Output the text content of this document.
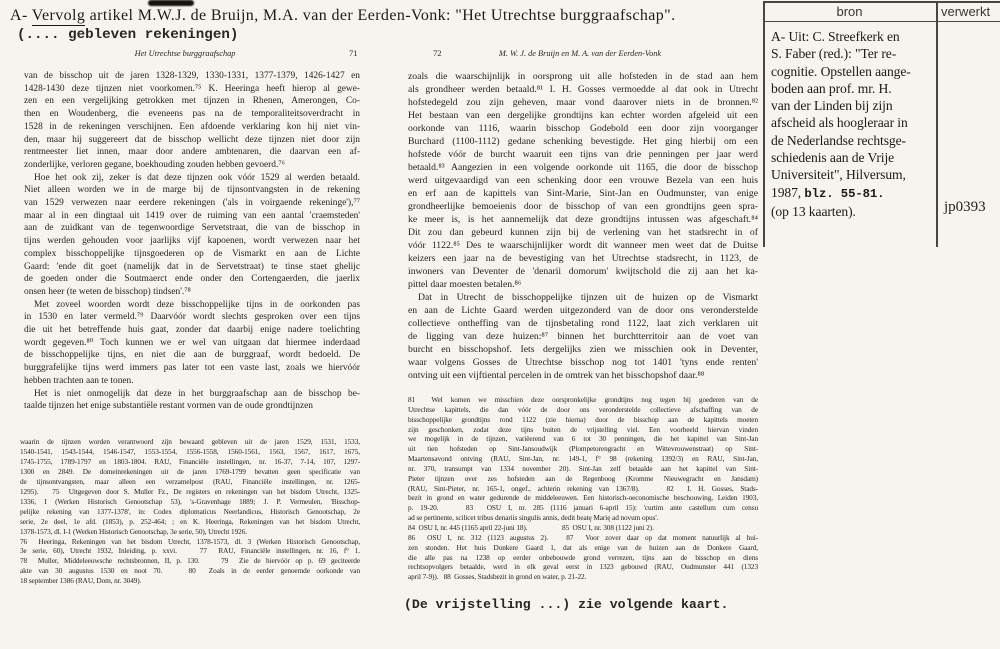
A- Vervolg artikel M.W.J. de Bruijn, M.A. van der Eerden-Vonk: "Het Utrechtse burggraafschap".
(.... gebleven rekeningen)
bron	verwerkt
A- Uit: C. Streefkerk en
S. Faber (red.): "Ter re-
cognitie. Opstellen aange-
boden aan prof. mr. H.
van der Linden bij zijn
afscheid als hoogleraar in
de Nederlandse rechtsge-
schiedenis aan de Vrije
Universiteit", Hilversum,
1987, blz. 55-81.
(op 13 kaarten).	jp0393
Het Utrechtse burggraafschap	71
van de bisschop uit de jaren 1328-1329, 1330-1331, 1377-1379, 1426-1427 en
1428-1430 deze tijnzen niet voorkomen.⁷⁵ K. Heeringa heeft hierop al gewe-
zen en een vergelijking getrokken met tijnzen in Rhenen, Amerongen, Co-
then en Woudenberg, die eveneens pas na de temporaliteitsoverdracht in
1528 in de rekeningen verschijnen. Een afdoende verklaring kon hij niet vin-
den, maar hij suggereert dat de bisschop wellicht deze tijnzen niet door zijn
rentmeester liet innen, maar door andere ambtenaren, die daarvan een af-
zonderlijke, verloren gegane, boekhouding zouden hebben gevoerd.⁷⁶
Hoe het ook zij, zeker is dat deze tijnzen ook vóór 1529 al werden betaald.
Niet alleen worden we in de marge bij de tijnsontvangsten in de rekening
van 1529 verwezen naar eerdere rekeningen ('als in voirgaende rekeninge'),⁷⁷
maar al in een dingtaal uit 1419 over de ruiming van een aantal 'craemsteden'
aan de zuidkant van de tegenwoordige Servetstraat, die van de bisschop in
tijns werden gehouden voor jaarlijks vijf kapoenen, wordt verwezen naar het
complex bisschoppelijke tijnsgoederen op de Vismarkt en aan de Lichte
Gaard: 'ende dit goet (namelijk dat in de Servetstraat) te tinse staet ghelijc
de goeden onder die Soutmaerct ende onder den Cortengaerden, die jaerlix
onsen heer (te weten de bisschop) tindsen'.⁷⁸
Met zoveel woorden wordt deze bisschoppelijke tijns in de oorkonden pas
in 1530 en later vermeld.⁷⁹ Daarvóór wordt slechts gesproken over een tijns
die uit het betreffende huis gaat, zonder dat daarbij enige nadere toelichting
wordt gegeven.⁸⁰ Toch kunnen we er wel van uitgaan dat hiermee inderdaad
de bisschoppelijke tijns, en niet die aan de burggraaf, wordt bedoeld. De
burggrafelijke tijns werd immers pas later tot een vaste last, zoals we hiervóór
hebben trachten aan te tonen.
Het is niet onmogelijk dat deze in het burggraafschap aan de bisschop be-
taalde tijnzen het enige substantiële restant vormen van de oude grondtijnzen
waarin de tijnzen worden verantwoord zijn bewaard gebleven uit de jaren 1529, 1531, 1533,
1540-1541, 1543-1544, 1546-1547, 1553-1554, 1556-1558, 1560-1561, 1563, 1567, 1617, 1675,
1745-1755, 1789-1797 en 1803-1804. RAU, Financiële instellingen, nr. 16-37, 7-14, 107, 1297-
1300 en 2849. De domeinrekeningen uit de jaren 1769-1799 bevatten geen specificatie van
de tijnsontvangsten, maar alleen een verzamelpost (RAU, Financiële instellingen, nr. 1265-
1295).   75  Uitgegeven door S. Muller Fz., De registers en rekeningen van het bisdom Utrecht, 1325-
1336, I (Werken Historisch Genootschap 53), 's-Gravenhage 1889; J. P. Vermeulen, 'Bisschop-
pelijke rekening van 1377-1378', in: Codex diplomaticus Neerlandicus, Historisch Genootschap, 2e
serie, 2e deel, 1e afd. (1853), p. 252-464; ; en K. Heeringa, Rekeningen van het bisdom Utrecht,
1378-1573, dl. I-1 (Werken Historisch Genootschap, 3e serie, 50), Utrecht 1926.
76  Heeringa, Rekeningen van het bisdom Utrecht, 1378-1573, dl. 3 (Werken Historisch Genootschap,
3e serie, 60), Utrecht 1932, Inleiding, p. xxvi.    77  RAU, Financiële instellingen, nr. 16, f° 1.
78  Muller, Middeleeuwsche rechtsbronnen, II, p. 130.    79  Zie de hiervóór op p. 69 geciteerde
akte van 30 augustus 1530 en noot 70.    80  Zoals in de eerder genoemde oorkonde van
18 september 1386 (RAU, Dom, nr. 3049).
72	M. W. J. de Bruijn en M. A. van der Eerden-Vonk
zoals die waarschijnlijk in oorsprong uit alle hofsteden in de stad aan hem
als grondheer werden betaald.⁸¹ I. H. Gosses vermoedde al dat ook in Utrecht
hofstedegeld zou zijn geheven, maar vond daarover niets in de bronnen.⁸²
Het bestaan van een dergelijke grondtijns kan echter worden afgeleid uit een
oorkonde van 1116, waarin bisschop Godebold een door zijn voorganger
Burchard (1100-1112) gedane schenking bevestigde. Het ging hierbij om een
hofstede vóór de burcht waaruit een tijns van drie penningen per jaar werd
betaald.⁸³ Aangezien in een volgende oorkonde uit 1165, die door de bisschop
werd uitgevaardigd van een schenking door een vrouwe Bezela van een huis
en erf aan de kapittels van Sint-Marie, Sint-Jan en Oudmunster, van enige
grondheerlijke bemoeienis door de bisschop of van een grondtijns geen spra-
ke meer is, is het aannemelijk dat deze grondtijns intussen was afgeschaft.⁸⁴
Dit zou dan gebeurd kunnen zijn bij de verlening van het stadsrecht in of
vóór 1122.⁸⁵ Des te waarschijnlijker wordt dit wanneer men weet dat de Duitse
keizers een jaar na de bevestiging van het Utrechtse stadsrecht, in 1123, de
inwoners van Deventer de 'denarii domorum' kwijtschold die zij aan het ka-
pittel daar moesten betalen.⁸⁶
Dat in Utrecht de bisschoppelijke tijnzen uit de huizen op de Vismarkt
en aan de Lichte Gaard werden uitgezonderd van de door ons veronderstelde
collectieve ontheffing van de tijnsbetaling rond 1122, laat zich verklaren uit
de ligging van deze huizen:⁸⁷ binnen het burchtterritoir aan de voet van
burcht en bisschopshof. Iets dergelijks zien we misschien ook in Deventer,
waar volgens Gosses de Utrechtse bisschop nog tot 1401 'tyns ende renten'
ontving uit een vijftiental percelen in de omtrek van het bisschopshof daar.⁸⁸
81  Wel komen we misschien deze oorspronkelijke grondtijns nog tegen bij goederen van de
Utrechtse kapittels, die dan vóór de door ons veronderstelde collectieve afschaffing van de
bisschoppelijke grondtijns rond 1122 (zie hierna) door de bisschop aan de kapittels moeten
zijn geschonken, zodat deze tijns buiten de vrijstelling viel. Een voorbeeld hiervan vinden
we mogelijk in de tijnzen, variëerend van 6 tot 30 penningen, die het kapittel van Sint-Jan
uit tien hofsteden op Sint-Jansoudwijk (Plompetorengracht en Wittevrouwenstraat) op Sint-
Maartensavond ontving (RAU, Sint-Jan, nr. 149-1, f° 98 (rekening 1392/3) en RAU, Sint-Jan,
nr. 370, transumpt van 1334 november 20). Sint-Jan zelf betaalde aan het kapittel van Sint-
Pieter tijnzen over zes hofsteden aan de Regenboog (Kromme Nieuwegracht en Jansdam)
(RAU, Sint-Pieter, nr. 165-1, ongef., achterin rekening van 1367/8).    82  I. H. Gosses, Stads-
bezit in grond en water gedurende de middeleeuwen. Een historisch-oeconomische beschouwing, Leiden 1903,
p. 19-20.    83  OSU I, nr. 285 (1116 januari 6-april 15): 'curtim ante castellum cum censu
ad se pertinente, scilicet tribus denariis singulis annis, dedit beatę Marię ad novum opus'.
84  OSU I, nr. 445 (1165 april 22-juni 18).                    85  OSU I, nr. 308 (1122 juni 2).
86  OSU I, nr. 312 (1123 augustus 2).   87  Voor zover daar op dat moment natuurlijk al hui-
zen stonden. Het huis Donkere Gaard 1, dat als enige van de huizen aan de Donkere Gaard,
die alle pas na 1238 op eerder onbebouwde grond verrezen, tijns aan de bisschop en diens
rechtsopvolgers betaalde, werd in elk geval eerst in 1323 gebouwd (RAU, Oudmunster 441 (1323
april 7-9)).   88  Gosses, Stadsbezit in grond en water, p. 21-22.
(De vrijstelling ...) zie volgende kaart.
